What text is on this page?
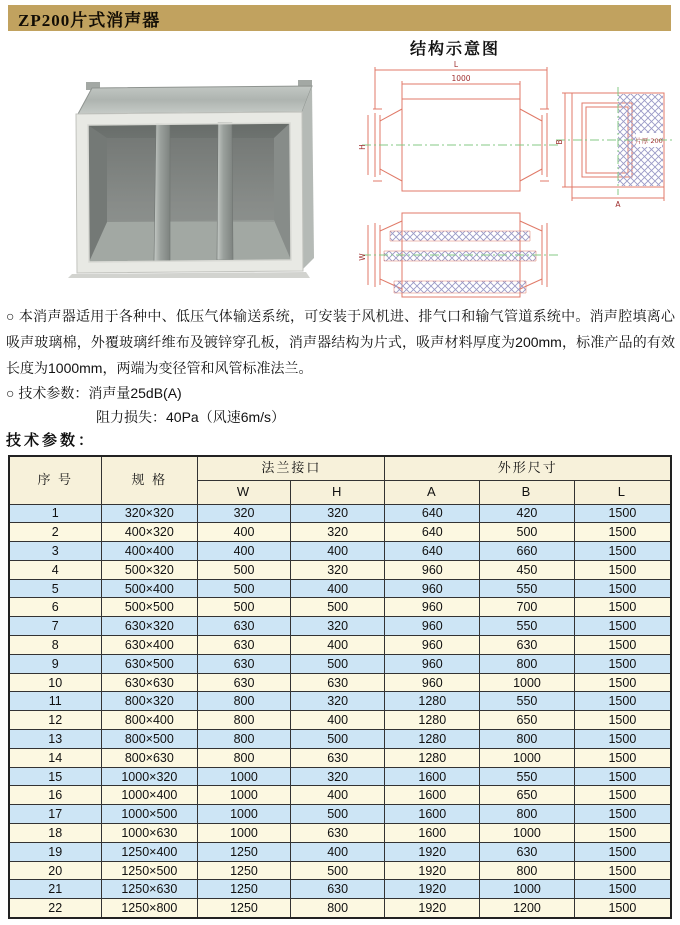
ZP200片式消声器
结构示意图
L
1000
H
B
A
片厚 200
W
○ 本消声器适用于各种中、低压气体输送系统，可安装于风机进、排气口和输气管道系统中。消声腔填离心吸声玻璃棉，外覆玻璃纤维布及镀锌穿孔板，消声器结构为片式，吸声材料厚度为200mm，标准产品的有效长度为1000mm，两端为变径管和风管标准法兰。
○ 技术参数：消声量25dB(A)
阻力损失：40Pa（风速6m/s）
技术参数：
序 号	规 格	法兰接口		外形尺寸		
		W	H	A	B	L
1	320×320	320	320	640	420	1500
2	400×320	400	320	640	500	1500
3	400×400	400	400	640	660	1500
4	500×320	500	320	960	450	1500
5	500×400	500	400	960	550	1500
6	500×500	500	500	960	700	1500
7	630×320	630	320	960	550	1500
8	630×400	630	400	960	630	1500
9	630×500	630	500	960	800	1500
10	630×630	630	630	960	1000	1500
11	800×320	800	320	1280	550	1500
12	800×400	800	400	1280	650	1500
13	800×500	800	500	1280	800	1500
14	800×630	800	630	1280	1000	1500
15	1000×320	1000	320	1600	550	1500
16	1000×400	1000	400	1600	650	1500
17	1000×500	1000	500	1600	800	1500
18	1000×630	1000	630	1600	1000	1500
19	1250×400	1250	400	1920	630	1500
20	1250×500	1250	500	1920	800	1500
21	1250×630	1250	630	1920	1000	1500
22	1250×800	1250	800	1920	1200	1500
